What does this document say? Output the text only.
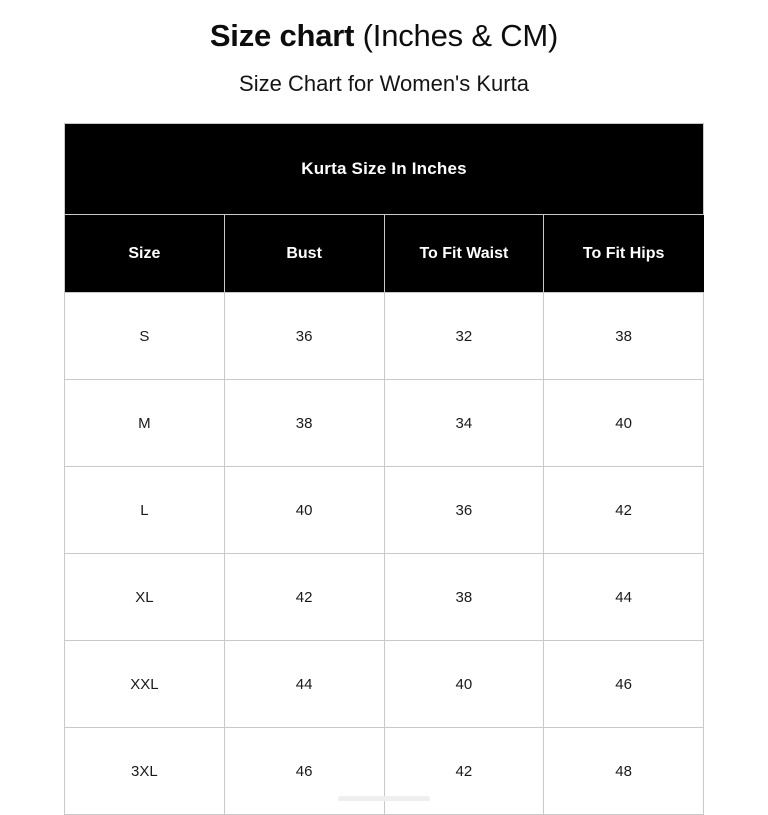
Size chart (Inches & CM)
Size Chart for Women's Kurta
Kurta Size In Inches			
Size	Bust	To Fit Waist	To Fit Hips
S	36	32	38
M	38	34	40
L	40	36	42
XL	42	38	44
XXL	44	40	46
3XL	46	42	48
